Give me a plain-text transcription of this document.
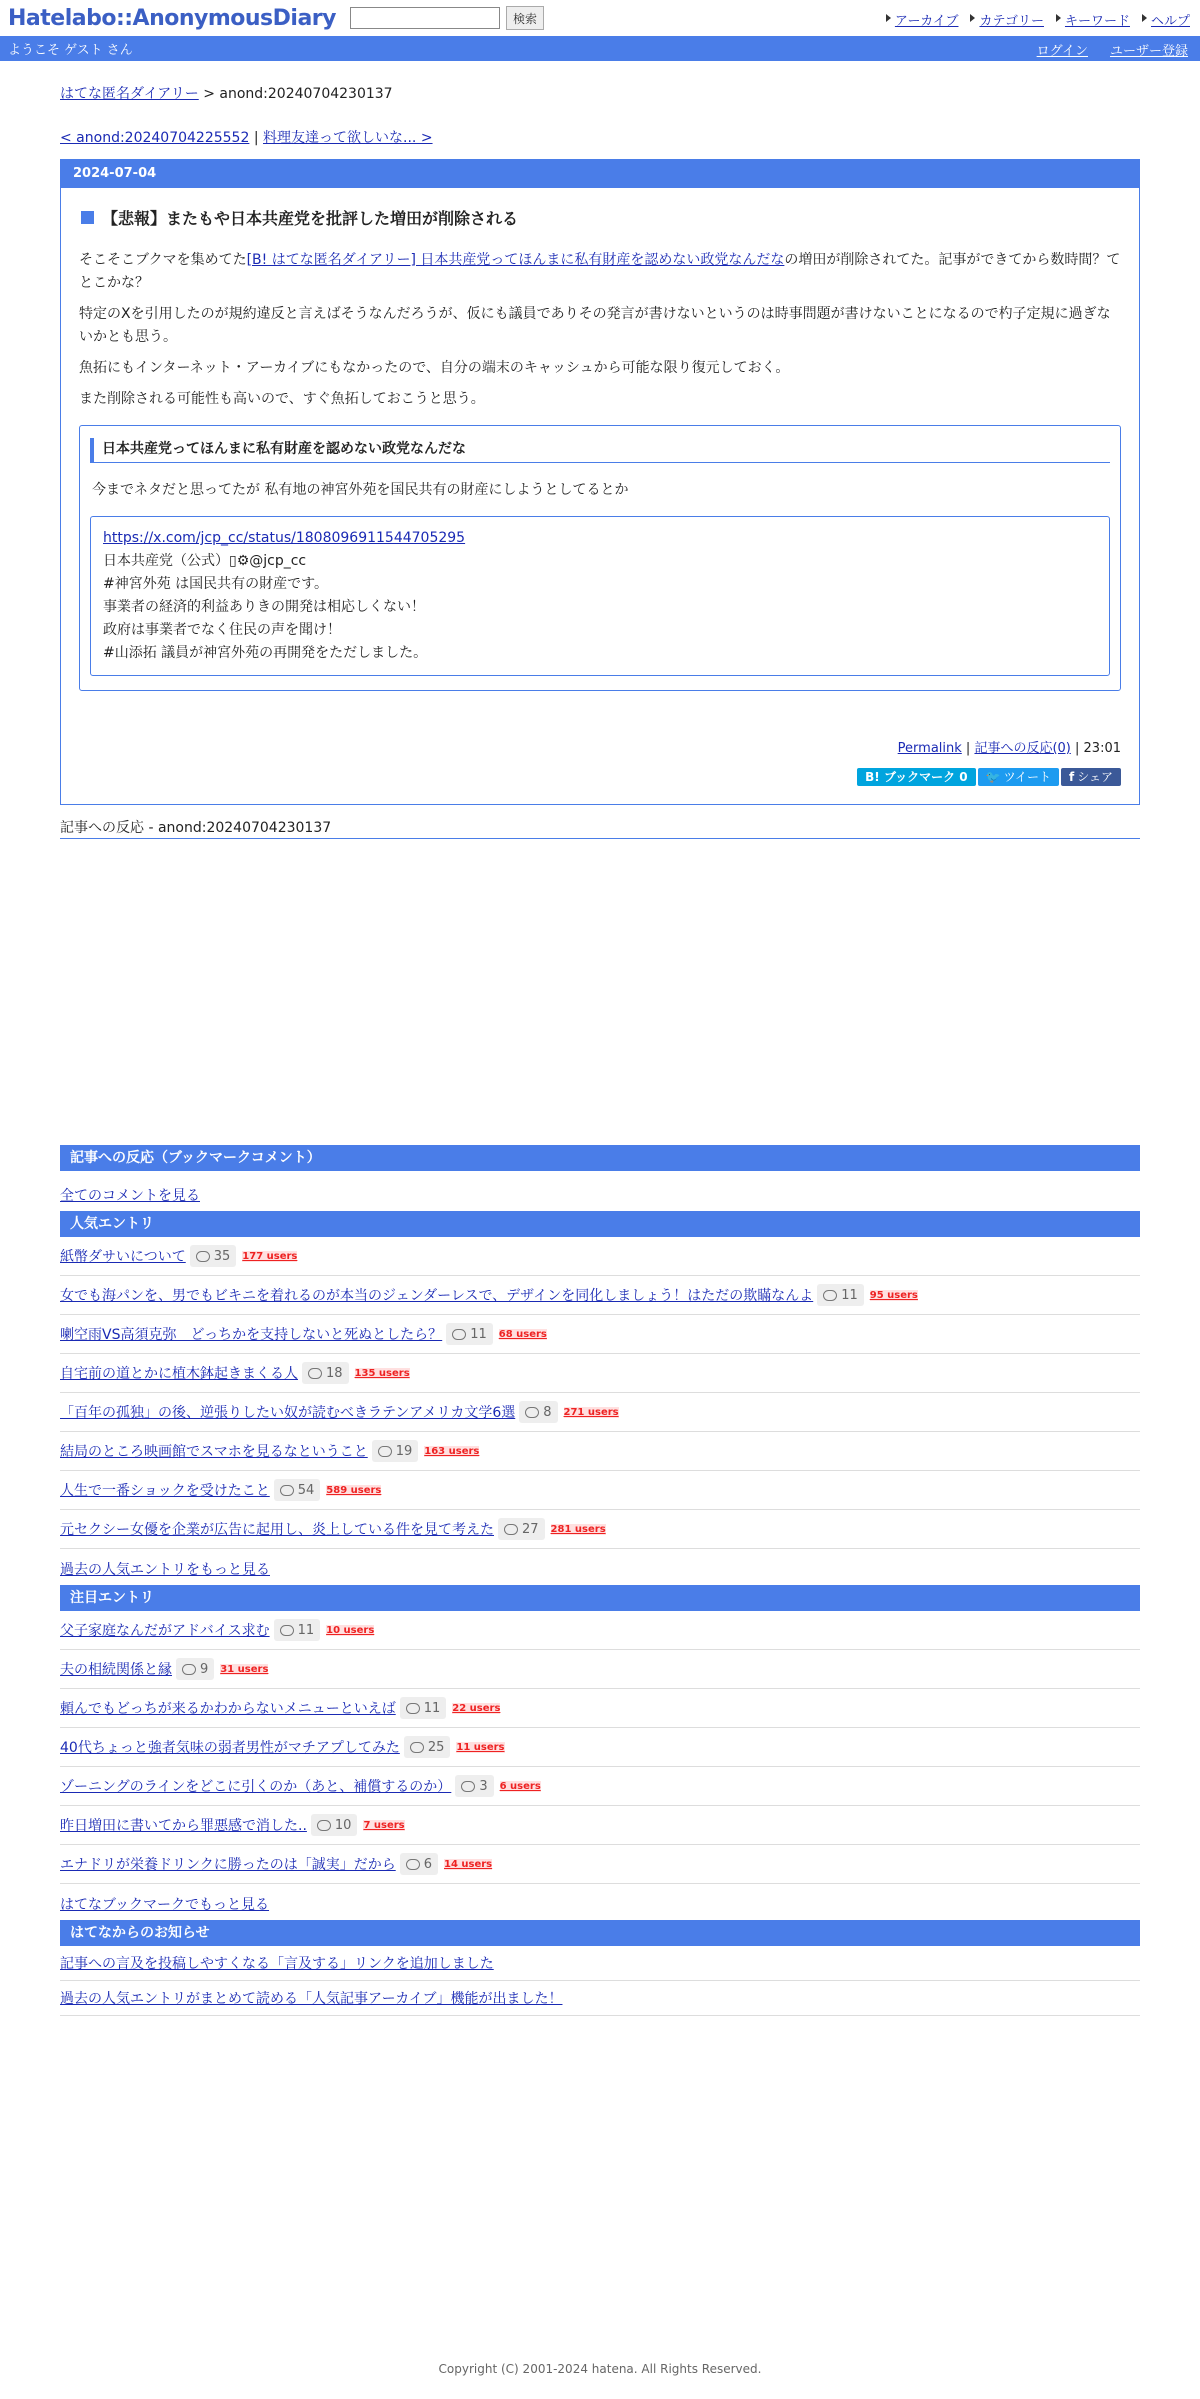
Hatelabo::AnonymousDiary	検索	アーカイブ	カテゴリー	キーワード	ヘルプ
ようこそ ゲスト さん	ログイン ユーザー登録
はてな匿名ダイアリー > anond:20240704230137
< anond:20240704225552 | 料理友達って欲しいな... >
2024-07-04
【悲報】またもや日本共産党を批評した増田が削除される

そこそこブクマを集めてた[B! はてな匿名ダイアリー] 日本共産党ってほんまに私有財産を認めない政党なんだなの増田が削除されてた。記事ができてから数時間？てとこかな？

特定のXを引用したのが規約違反と言えばそうなんだろうが、仮にも議員でありその発言が書けないというのは時事問題が書けないことになるので杓子定規に過ぎないかとも思う。

魚拓にもインターネット・アーカイブにもなかったので、自分の端末のキャッシュから可能な限り復元しておく。

また削除される可能性も高いので、すぐ魚拓しておこうと思う。

日本共産党ってほんまに私有財産を認めない政党なんだな

今までネタだと思ってたが 私有地の神宮外苑を国民共有の財産にしようとしてるとか

https://x.com/jcp_cc/status/1808096911544705295
日本共産党（公式）▯⚙@jcp_cc
#神宮外苑 は国民共有の財産です。
事業者の経済的利益ありきの開発は相応しくない！
政府は事業者でなく住民の声を聞け！
#山添拓 議員が神宮外苑の再開発をただしました。
Permalink | 記事への反応(0) | 23:01
B! ブックマーク 0 🐦 ツイート f シェア
記事への反応 - anond:20240704230137
記事への反応（ブックマークコメント）
全てのコメントを見る
人気エントリ
紙幣ダサいについて 35 177 users
女でも海パンを、男でもビキニを着れるのが本当のジェンダーレスで、デザインを同化しましょう！はただの欺瞞なんよ 11 95 users
喇空雨VS高須克弥　どっちかを支持しないと死ぬとしたら？ 11 68 users
自宅前の道とかに植木鉢起きまくる人 18 135 users
「百年の孤独」の後、逆張りしたい奴が読むべきラテンアメリカ文学6選 8 271 users
結局のところ映画館でスマホを見るなということ 19 163 users
人生で一番ショックを受けたこと 54 589 users
元セクシー女優を企業が広告に起用し、炎上している件を見て考えた 27 281 users
過去の人気エントリをもっと見る
注目エントリ
父子家庭なんだがアドバイス求む 11 10 users
夫の相続関係と縁 9 31 users
頼んでもどっちが来るかわからないメニューといえば 11 22 users
40代ちょっと強者気味の弱者男性がマチアプしてみた 25 11 users
ゾーニングのラインをどこに引くのか（あと、補償するのか） 3 6 users
昨日増田に書いてから罪悪感で消した.. 10 7 users
エナドリが栄養ドリンクに勝ったのは「誠実」だから 6 14 users
はてなブックマークでもっと見る
はてなからのお知らせ
記事への言及を投稿しやすくなる「言及する」リンクを追加しました
過去の人気エントリがまとめて読める「人気記事アーカイブ」機能が出ました！
Copyright (C) 2001-2024 hatena. All Rights Reserved.
